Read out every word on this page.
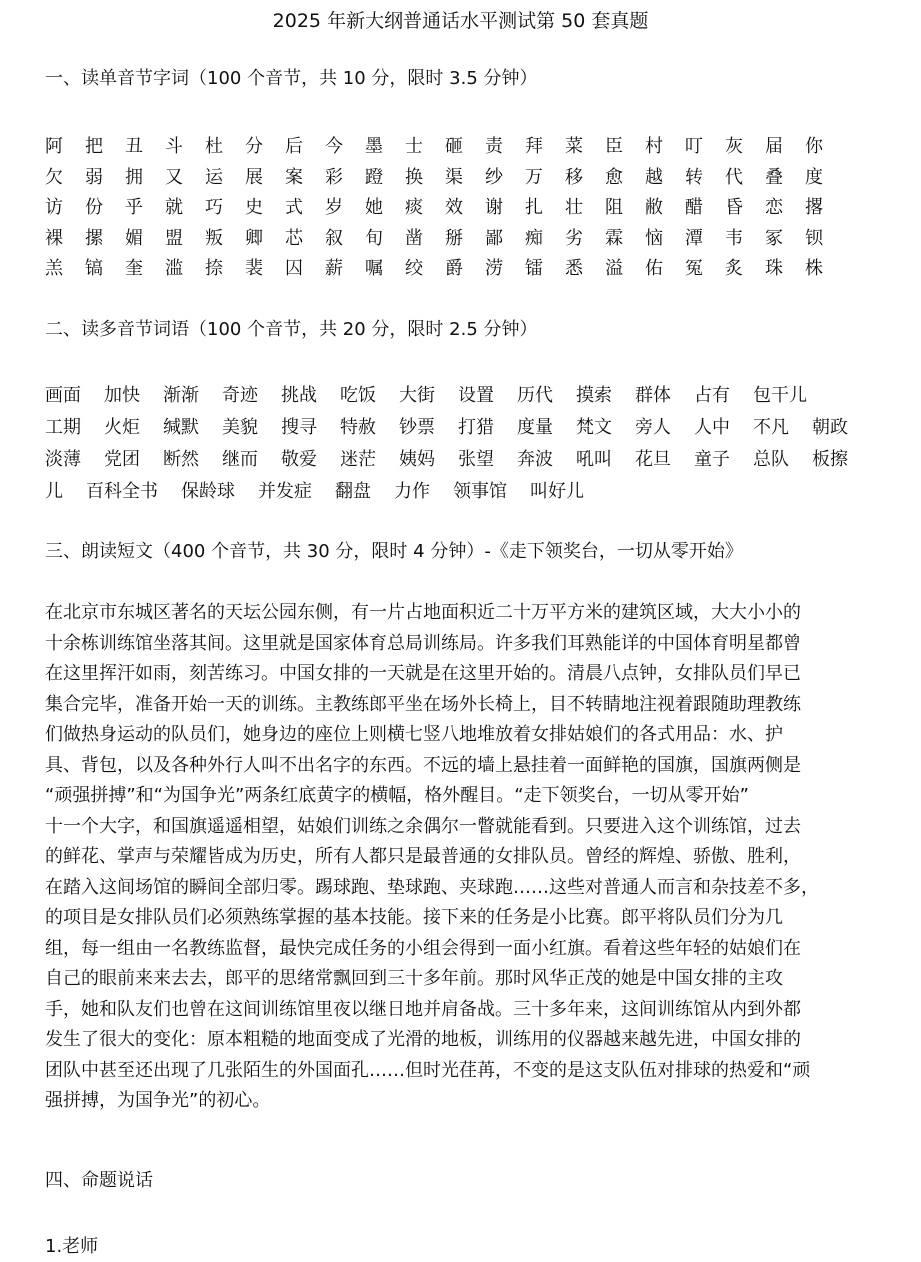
2025 年新大纲普通话水平测试第 50 套真题
一、读单音节字词（100 个音节，共 10 分，限时 3.5 分钟）
阿	把	丑	斗	杜	分	后	今	墨	士	砸	责	拜	菜	臣	村	叮	灰	届	你
欠	弱	拥	又	运	展	案	彩	蹬	换	渠	纱	万	移	愈	越	转	代	叠	度
访	份	乎	就	巧	史	式	岁	她	痰	效	谢	扎	壮	阻	敝	醋	昏	恋	撂
裸	摞	媚	盟	叛	卿	芯	叙	旬	凿	掰	鄙	痴	劣	霖	恼	潭	韦	冢	钡
羔	镐	奎	滥	捺	裴	囚	薪	嘱	绞	爵	涝	镭	悉	溢	佑	冤	炙	珠	株
二、读多音节词语（100 个音节，共 20 分，限时 2.5 分钟）
画面 加快 渐渐 奇迹 挑战 吃饭 大街 设置 历代 摸索 群体 占有 包干儿
工期 火炬 缄默 美貌 搜寻 特赦 钞票 打猎 度量 梵文 旁人 人中 不凡 朝政
淡薄 党团 断然 继而 敬爱 迷茫 姨妈 张望 奔波 吼叫 花旦 童子 总队 板擦
儿 百科全书 保龄球 并发症 翻盘 力作 领事馆 叫好儿
三、朗读短文（400 个音节，共 30 分，限时 4 分钟）-《走下领奖台，一切从零开始》
在北京市东城区著名的天坛公园东侧，有一片占地面积近二十万平方米的建筑区域，大大小小的
十余栋训练馆坐落其间。这里就是国家体育总局训练局。许多我们耳熟能详的中国体育明星都曾
在这里挥汗如雨，刻苦练习。中国女排的一天就是在这里开始的。清晨八点钟，女排队员们早已
集合完毕，准备开始一天的训练。主教练郎平坐在场外长椅上，目不转睛地注视着跟随助理教练
们做热身运动的队员们，她身边的座位上则横七竖八地堆放着女排姑娘们的各式用品：水、护
具、背包，以及各种外行人叫不出名字的东西。不远的墙上悬挂着一面鲜艳的国旗，国旗两侧是
“顽强拼搏”和“为国争光”两条红底黄字的横幅，格外醒目。“走下领奖台，一切从零开始”
十一个大字，和国旗遥遥相望，姑娘们训练之余偶尔一瞥就能看到。只要进入这个训练馆，过去
的鲜花、掌声与荣耀皆成为历史，所有人都只是最普通的女排队员。曾经的辉煌、骄傲、胜利，
在踏入这间场馆的瞬间全部归零。踢球跑、垫球跑、夹球跑……这些对普通人而言和杂技差不多，
的项目是女排队员们必须熟练掌握的基本技能。接下来的任务是小比赛。郎平将队员们分为几
组，每一组由一名教练监督，最快完成任务的小组会得到一面小红旗。看着这些年轻的姑娘们在
自己的眼前来来去去，郎平的思绪常飘回到三十多年前。那时风华正茂的她是中国女排的主攻
手，她和队友们也曾在这间训练馆里夜以继日地并肩备战。三十多年来，这间训练馆从内到外都
发生了很大的变化：原本粗糙的地面变成了光滑的地板，训练用的仪器越来越先进，中国女排的
团队中甚至还出现了几张陌生的外国面孔……但时光荏苒，不变的是这支队伍对排球的热爱和“顽
强拼搏，为国争光”的初心。
四、命题说话
1.老师
